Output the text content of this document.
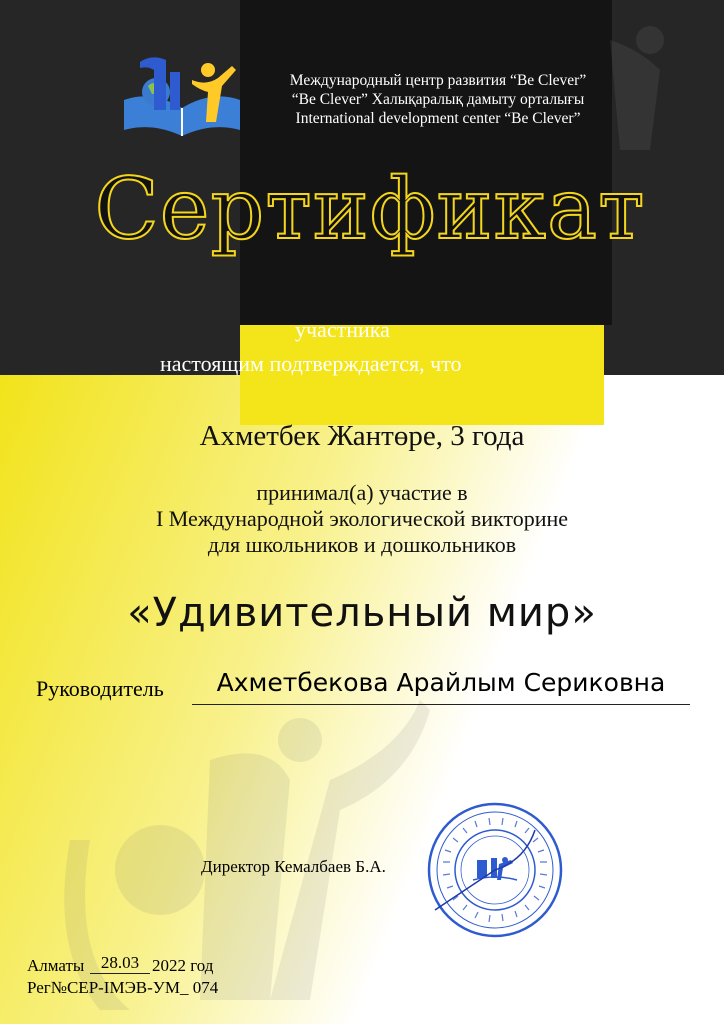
Международный центр развития “Be Clever”
“Be Clever” Халықаралық дамыту орталығы
International development center “Be Clever”
Сертификат
участника
настоящим подтверждается, что
Ахметбек Жантөре, 3 года
принимал(а) участие в
I Международной экологической викторине
для школьников и дошкольников
«Удивительный мир»
Руководитель	Ахметбекова Арайлым Сериковна
Директор Кемалбаев Б.А.
Алматы 28.03 2022 год
Рег№СЕР-IМЭВ-УМ_ 074
